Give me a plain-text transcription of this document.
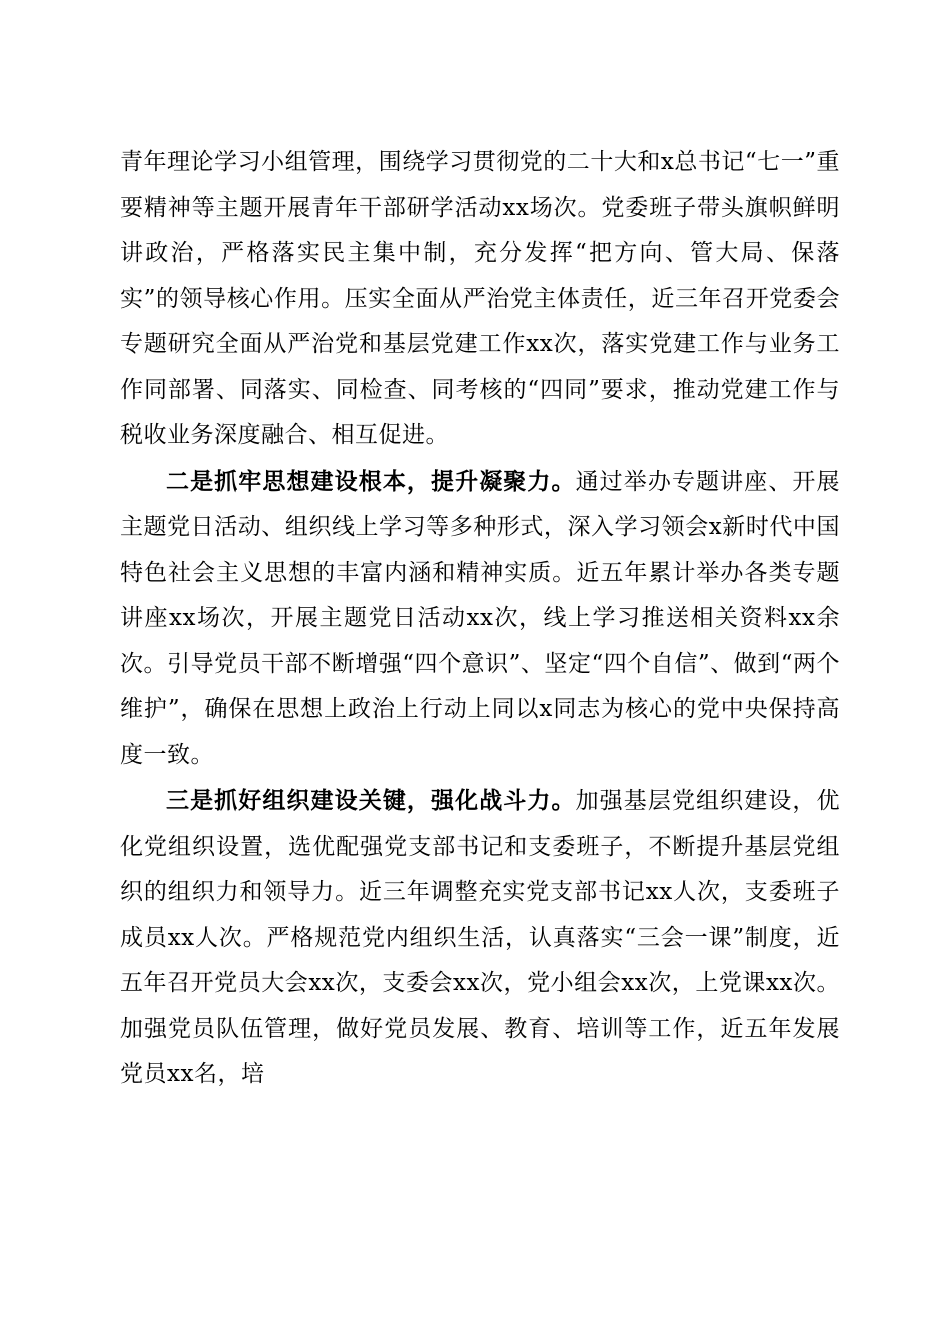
青年理论学习小组管理，围绕学习贯彻党的二十大和x总书记“七一”重要精神等主题开展青年干部研学活动xx场次。党委班子带头旗帜鲜明讲政治，严格落实民主集中制，充分发挥“把方向、管大局、保落实”的领导核心作用。压实全面从严治党主体责任，近三年召开党委会专题研究全面从严治党和基层党建工作xx次，落实党建工作与业务工作同部署、同落实、同检查、同考核的“四同”要求，推动党建工作与税收业务深度融合、相互促进。

二是抓牢思想建设根本，提升凝聚力。通过举办专题讲座、开展主题党日活动、组织线上学习等多种形式，深入学习领会x新时代中国特色社会主义思想的丰富内涵和精神实质。近五年累计举办各类专题讲座xx场次，开展主题党日活动xx次，线上学习推送相关资料xx余次。引导党员干部不断增强“四个意识”、坚定“四个自信”、做到“两个维护”，确保在思想上政治上行动上同以x同志为核心的党中央保持高度一致。

三是抓好组织建设关键，强化战斗力。加强基层党组织建设，优化党组织设置，选优配强党支部书记和支委班子，不断提升基层党组织的组织力和领导力。近三年调整充实党支部书记xx人次，支委班子成员xx人次。严格规范党内组织生活，认真落实“三会一课”制度，近五年召开党员大会xx次，支委会xx次，党小组会xx次，上党课xx次。加强党员队伍管理，做好党员发展、教育、培训等工作，近五年发展党员xx名，培
